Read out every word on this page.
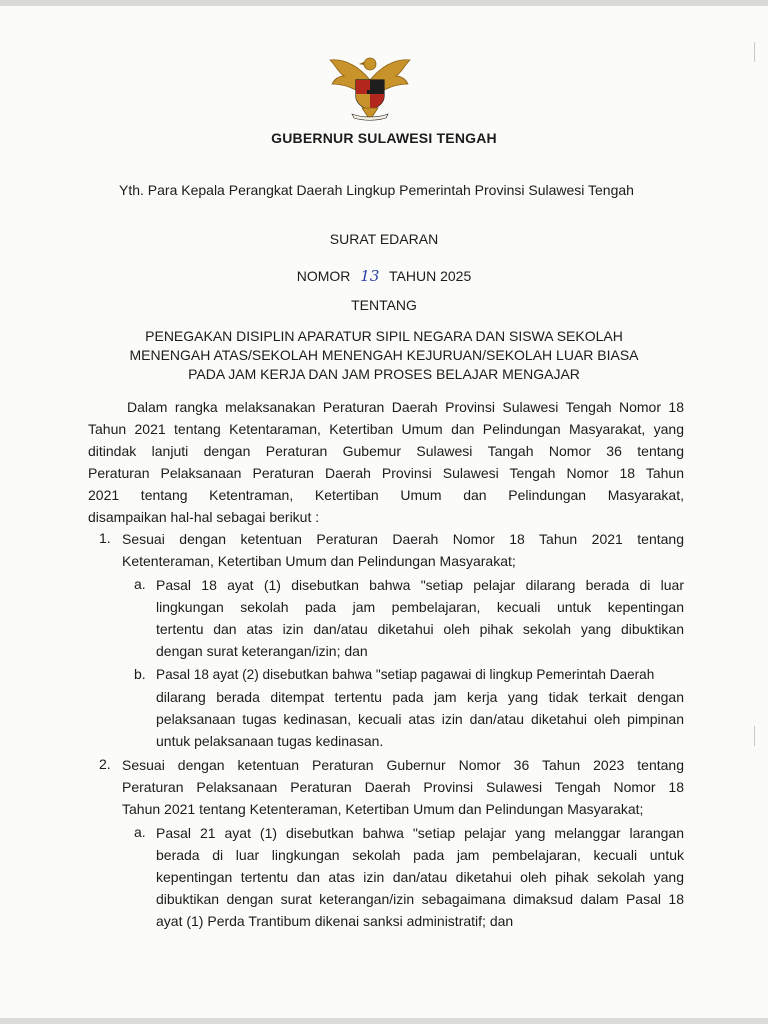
GUBERNUR SULAWESI TENGAH
Yth. Para Kepala Perangkat Daerah Lingkup Pemerintah Provinsi Sulawesi Tengah
SURAT EDARAN
NOMOR 13 TAHUN 2025
TENTANG
PENEGAKAN DISIPLIN APARATUR SIPIL NEGARA DAN SISWA SEKOLAH
MENENGAH ATAS/SEKOLAH MENENGAH KEJURUAN/SEKOLAH LUAR BIASA
PADA JAM KERJA DAN JAM PROSES BELAJAR MENGAJAR
Dalam rangka melaksanakan Peraturan Daerah Provinsi Sulawesi Tengah Nomor 18
Tahun 2021 tentang Ketentaraman, Ketertiban Umum dan Pelindungan Masyarakat, yang
ditindak lanjuti dengan Peraturan Gubemur Sulawesi Tangah Nomor 36 tentang
Peraturan Pelaksanaan Peraturan Daerah Provinsi Sulawesi Tengah Nomor 18 Tahun
2021 tentang Ketentraman, Ketertiban Umum dan Pelindungan Masyarakat,
disampaikan hal-hal sebagai berikut :
1. Sesuai dengan ketentuan Peraturan Daerah Nomor 18 Tahun 2021 tentang
Ketenteraman, Ketertiban Umum dan Pelindungan Masyarakat;
a. Pasal 18 ayat (1) disebutkan bahwa "setiap pelajar dilarang berada di luar
lingkungan sekolah pada jam pembelajaran, kecuali untuk kepentingan
tertentu dan atas izin dan/atau diketahui oleh pihak sekolah yang dibuktikan
dengan surat keterangan/izin; dan
b. Pasal 18 ayat (2) disebutkan bahwa "setiap pagawai di lingkup Pemerintah Daerah
dilarang berada ditempat tertentu pada jam kerja yang tidak terkait dengan
pelaksanaan tugas kedinasan, kecuali atas izin dan/atau diketahui oleh pimpinan
untuk pelaksanaan tugas kedinasan.
2. Sesuai dengan ketentuan Peraturan Gubernur Nomor 36 Tahun 2023 tentang
Peraturan Pelaksanaan Peraturan Daerah Provinsi Sulawesi Tengah Nomor 18
Tahun 2021 tentang Ketenteraman, Ketertiban Umum dan Pelindungan Masyarakat;
a. Pasal 21 ayat (1) disebutkan bahwa "setiap pelajar yang melanggar larangan
berada di luar lingkungan sekolah pada jam pembelajaran, kecuali untuk
kepentingan tertentu dan atas izin dan/atau diketahui oleh pihak sekolah yang
dibuktikan dengan surat keterangan/izin sebagaimana dimaksud dalam Pasal 18
ayat (1) Perda Trantibum dikenai sanksi administratif; dan
